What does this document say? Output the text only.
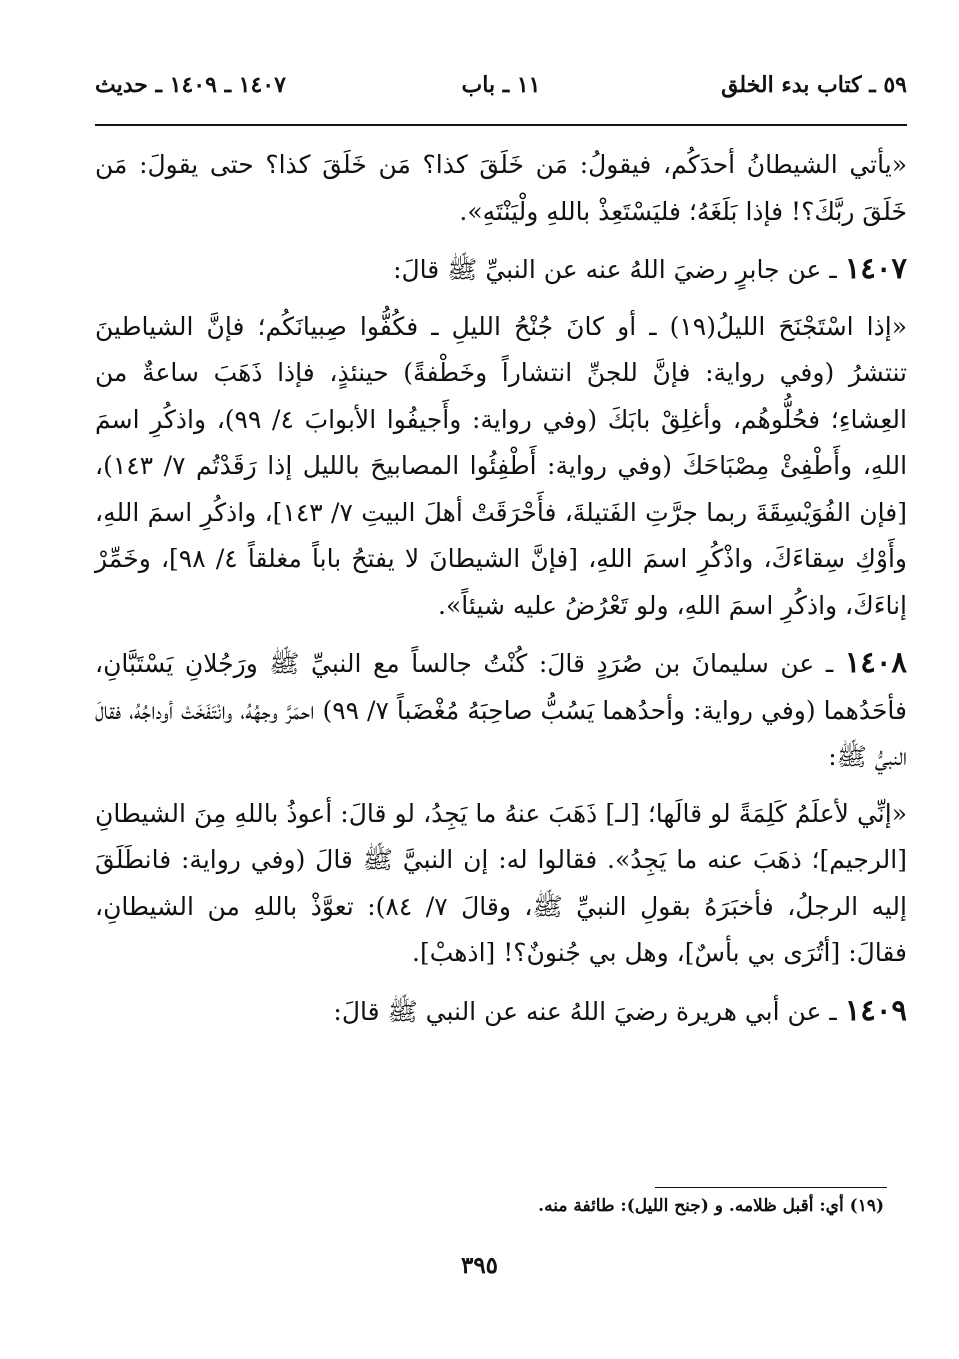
٥٩ ـ كتاب بدء الخلق
١١ ـ باب
١٤٠٧ ـ ١٤٠٩ ـ حديث

«يأتي الشيطانُ أحدَكُم، فيقولُ: مَن خَلَقَ كذا؟ مَن خَلَقَ كذا؟ حتى يقولَ: مَن خَلَقَ ربَّكَ؟! فإذا بَلَغَهُ؛ فليَسْتَعِذْ باللهِ ولْيَنْتَهِ».

١٤٠٧ ـ عن جابرٍ رضيَ اللهُ عنه عن النبيِّ ﷺ قالَ:

«إذا اسْتَجْنَحَ الليلُ(١٩) ـ أو كانَ جُنْحُ الليلِ ـ فكُفُّوا صِبيانَكُم؛ فإنَّ الشياطينَ تنتشرُ (وفي رواية: فإنَّ للجنِّ انتشاراً وخَطْفةً) حينئذٍ، فإذا ذَهَبَ ساعةٌ من العِشاءِ؛ فحُلُّوهُم، وأغلِقْ بابَكَ (وفي رواية: وأَجيفُوا الأبوابَ ٤/ ٩٩)، واذكُرِ اسمَ اللهِ، وأَطْفِئْ مِصْبَاحَكَ (وفي رواية: أَطْفِئُوا المصابيحَ بالليل إذا رَقَدْتُم ٧/ ١٤٣)، [فإن الفُوَيْسِقَةَ ربما جرَّتِ الفَتيلةَ، فأَحْرَقَتْ أهلَ البيتِ ٧/ ١٤٣]، واذكُرِ اسمَ اللهِ، وأَوْكِ سِقاءَكَ، واذْكُرِ اسمَ اللهِ، [فإنَّ الشيطانَ لا يفتحُ باباً مغلقاً ٤/ ٩٨]، وخَمِّرْ إناءَكَ، واذكُرِ اسمَ اللهِ، ولو تَعْرُضُ عليه شيئاً».

١٤٠٨ ـ عن سليمانَ بن صُرَدٍ قالَ: كُنْتُ جالساً مع النبيِّ ﷺ ورَجُلانِ يَسْتَبَّانِ، فأحَدُهما (وفي رواية: وأحدُهما يَسُبُّ صاحِبَهُ مُغْضَباً ٧/ ٩٩) احمَرَّ وجهُهُ، وانْتَفَخَتْ أوداجُهُ، فقالَ النبيُّ ﷺ:

«إنِّي لأعلَمُ كَلِمَةً لو قالَها؛ [لـ] ذَهَبَ عنهُ ما يَجِدُ، لو قالَ: أعوذُ باللهِ مِنَ الشيطانِ [الرجيم]؛ ذهَبَ عنه ما يَجِدُ». فقالوا له: إن النبيَّ ﷺ قالَ (وفي رواية: فانطَلَقَ إليه الرجلُ، فأخبَرَهُ بقولِ النبيِّ ﷺ، وقالَ ٧/ ٨٤): تعوَّذْ باللهِ من الشيطانِ، فقالَ: [أتُرَى بي بأسٌ]، وهل بي جُنونٌ؟! [اذهبْ].

١٤٠٩ ـ عن أبي هريرة رضيَ اللهُ عنه عن النبي ﷺ قالَ:

(١٩) أي: أقبل ظلامه. و (جنح الليل): طائفة منه.
٣٩٥
